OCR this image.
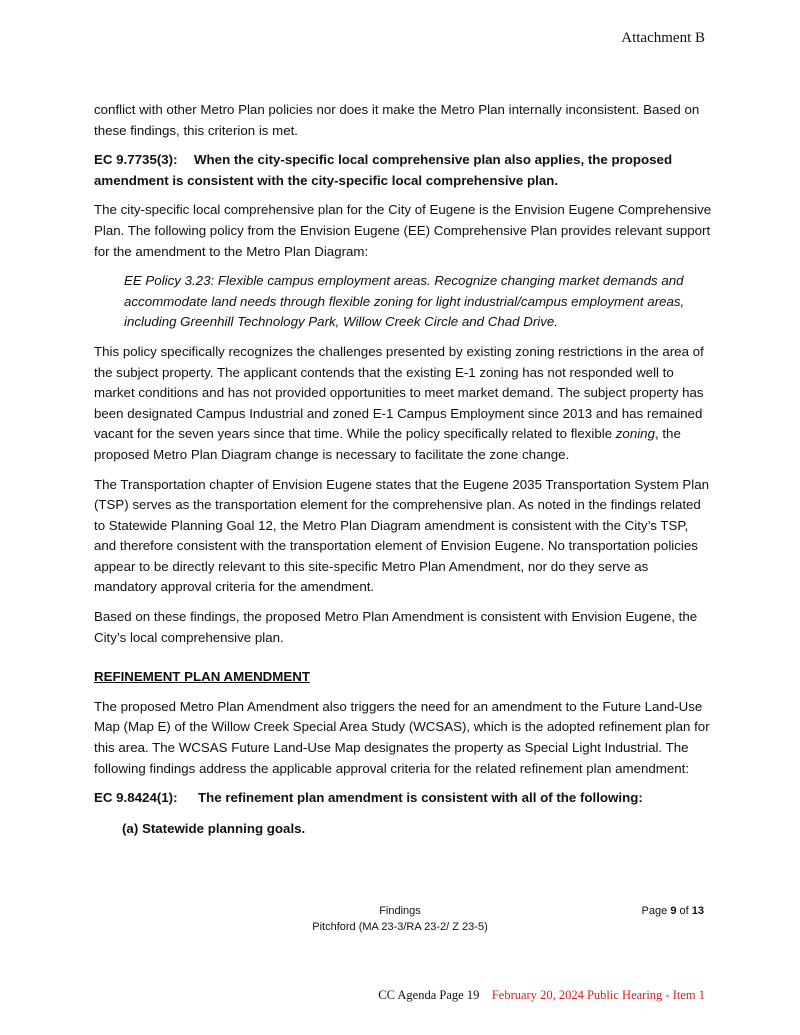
Attachment B

conflict with other Metro Plan policies nor does it make the Metro Plan internally inconsistent. Based on these findings, this criterion is met.

EC 9.7735(3): When the city-specific local comprehensive plan also applies, the proposed amendment is consistent with the city-specific local comprehensive plan.

The city-specific local comprehensive plan for the City of Eugene is the Envision Eugene Comprehensive Plan. The following policy from the Envision Eugene (EE) Comprehensive Plan provides relevant support for the amendment to the Metro Plan Diagram:

EE Policy 3.23: Flexible campus employment areas. Recognize changing market demands and accommodate land needs through flexible zoning for light industrial/campus employment areas, including Greenhill Technology Park, Willow Creek Circle and Chad Drive.

This policy specifically recognizes the challenges presented by existing zoning restrictions in the area of the subject property. The applicant contends that the existing E-1 zoning has not responded well to market conditions and has not provided opportunities to meet market demand. The subject property has been designated Campus Industrial and zoned E-1 Campus Employment since 2013 and has remained vacant for the seven years since that time. While the policy specifically related to flexible zoning, the proposed Metro Plan Diagram change is necessary to facilitate the zone change.

The Transportation chapter of Envision Eugene states that the Eugene 2035 Transportation System Plan (TSP) serves as the transportation element for the comprehensive plan. As noted in the findings related to Statewide Planning Goal 12, the Metro Plan Diagram amendment is consistent with the City’s TSP, and therefore consistent with the transportation element of Envision Eugene. No transportation policies appear to be directly relevant to this site-specific Metro Plan Amendment, nor do they serve as mandatory approval criteria for the amendment.

Based on these findings, the proposed Metro Plan Amendment is consistent with Envision Eugene, the City’s local comprehensive plan.

REFINEMENT PLAN AMENDMENT

The proposed Metro Plan Amendment also triggers the need for an amendment to the Future Land-Use Map (Map E) of the Willow Creek Special Area Study (WCSAS), which is the adopted refinement plan for this area. The WCSAS Future Land-Use Map designates the property as Special Light Industrial. The following findings address the applicable approval criteria for the related refinement plan amendment:

EC 9.8424(1): The refinement plan amendment is consistent with all of the following:

(a) Statewide planning goals.

Findings
Pitchford (MA 23-3/RA 23-2/ Z 23-5)
Page 9 of 13
CC Agenda Page 19 February 20, 2024 Public Hearing - Item 1
